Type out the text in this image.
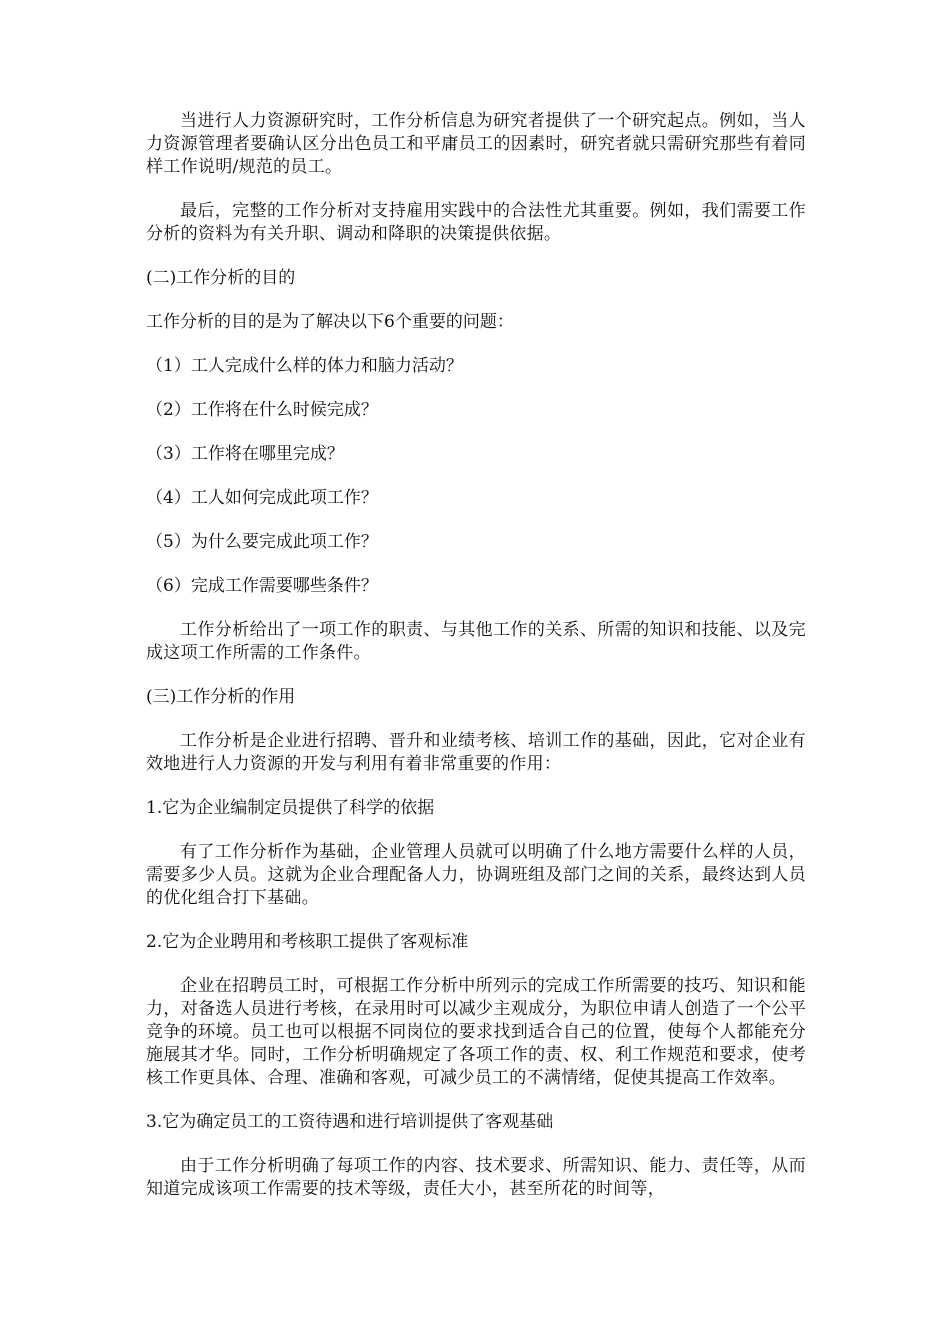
当进行人力资源研究时，工作分析信息为研究者提供了一个研究起点。例如，当人力资源管理者要确认区分出色员工和平庸员工的因素时，研究者就只需研究那些有着同样工作说明/规范的员工。

最后，完整的工作分析对支持雇用实践中的合法性尤其重要。例如，我们需要工作分析的资料为有关升职、调动和降职的决策提供依据。

(二)工作分析的目的

工作分析的目的是为了解决以下6个重要的问题：

（1）工人完成什么样的体力和脑力活动？

（2）工作将在什么时候完成？

（3）工作将在哪里完成？

（4）工人如何完成此项工作？

（5）为什么要完成此项工作？

（6）完成工作需要哪些条件？

工作分析给出了一项工作的职责、与其他工作的关系、所需的知识和技能、以及完成这项工作所需的工作条件。

(三)工作分析的作用

工作分析是企业进行招聘、晋升和业绩考核、培训工作的基础，因此，它对企业有效地进行人力资源的开发与利用有着非常重要的作用：

1.它为企业编制定员提供了科学的依据

有了工作分析作为基础，企业管理人员就可以明确了什么地方需要什么样的人员，需要多少人员。这就为企业合理配备人力，协调班组及部门之间的关系，最终达到人员的优化组合打下基础。

2.它为企业聘用和考核职工提供了客观标准

企业在招聘员工时，可根据工作分析中所列示的完成工作所需要的技巧、知识和能力，对备选人员进行考核，在录用时可以减少主观成分，为职位申请人创造了一个公平竞争的环境。员工也可以根据不同岗位的要求找到适合自己的位置，使每个人都能充分施展其才华。同时，工作分析明确规定了各项工作的责、权、利工作规范和要求，使考核工作更具体、合理、准确和客观，可减少员工的不满情绪，促使其提高工作效率。

3.它为确定员工的工资待遇和进行培训提供了客观基础

由于工作分析明确了每项工作的内容、技术要求、所需知识、能力、责任等，从而知道完成该项工作需要的技术等级，责任大小，甚至所花的时间等，
